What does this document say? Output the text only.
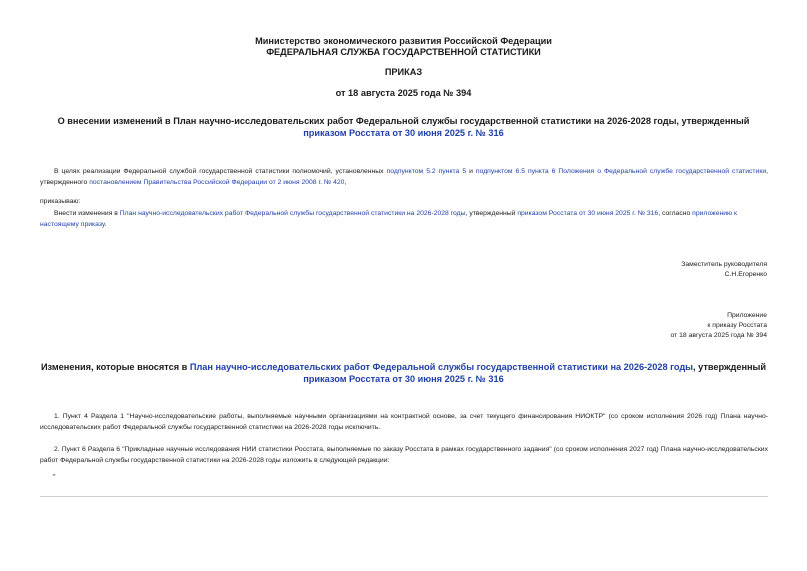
Министерство экономического развития Российской Федерации
ФЕДЕРАЛЬНАЯ СЛУЖБА ГОСУДАРСТВЕННОЙ СТАТИСТИКИ
ПРИКАЗ
от 18 августа 2025 года № 394
О внесении изменений в План научно-исследовательских работ Федеральной службы государственной статистики на 2026-2028 годы, утвержденный приказом Росстата от 30 июня 2025 г. № 316
В целях реализации Федеральной службой государственной статистики полномочий, установленных подпунктом 5.2 пункта 5 и подпунктом 6.5 пункта 6 Положения о Федеральной службе государственной статистики, утвержденного постановлением Правительства Российской Федерации от 2 июня 2008 г. № 420,
приказываю:
Внести изменения в План научно-исследовательских работ Федеральной службы государственной статистики на 2026-2028 годы, утвержденный приказом Росстата от 30 июня 2025 г. № 316, согласно приложению к настоящему приказу.
Заместитель руководителя
С.Н.Егоренко
Приложение
к приказу Росстата
от 18 августа 2025 года № 394
Изменения, которые вносятся в План научно-исследовательских работ Федеральной службы государственной статистики на 2026-2028 годы, утвержденный приказом Росстата от 30 июня 2025 г. № 316
1. Пункт 4 Раздела 1 "Научно-исследовательские работы, выполняемые научными организациями на контрактной основе, за счет текущего финансирования НИОКТР" (со сроком исполнения 2026 год) Плана научно-исследовательских работ Федеральной службы государственной статистики на 2026-2028 годы исключить.
2. Пункт 6 Раздела 6 "Прикладные научные исследования НИИ статистики Росстата, выполняемые по заказу Росстата в рамках государственного задания" (со сроком исполнения 2027 год) Плана научно-исследовательских работ Федеральной службы государственной статистики на 2026-2028 годы изложить в следующей редакции:
"
